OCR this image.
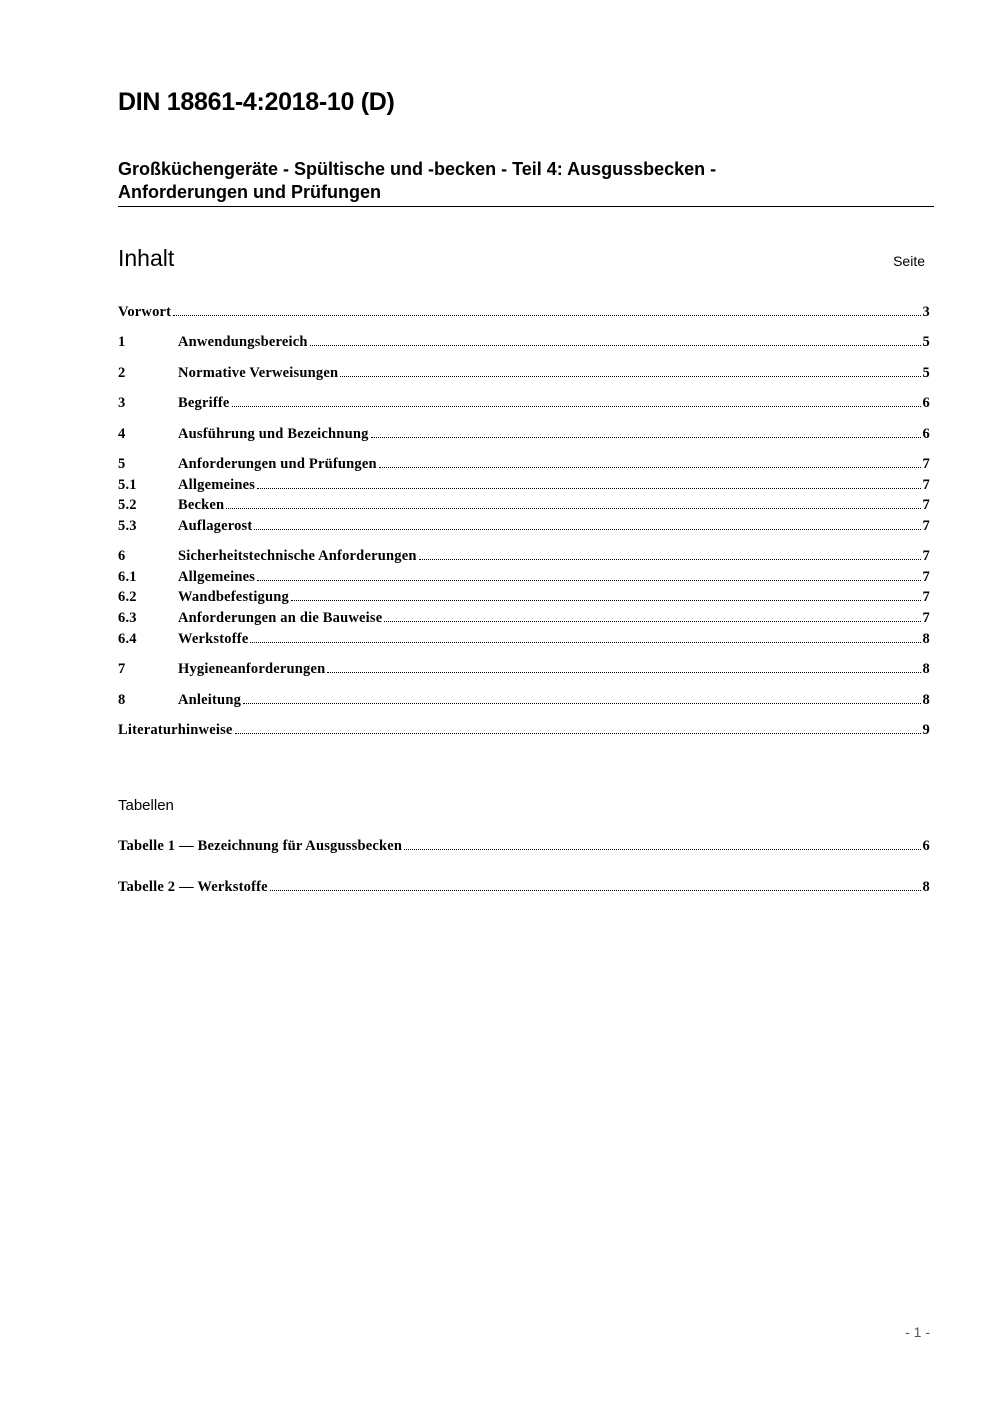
DIN 18861-4:2018-10 (D)
Großküchengeräte - Spültische und -becken - Teil 4: Ausgussbecken -
Anforderungen und Prüfungen
Inhalt	Seite
Vorwort	3
1	Anwendungsbereich	5
2	Normative Verweisungen	5
3	Begriffe	6
4	Ausführung und Bezeichnung	6
5	Anforderungen und Prüfungen	7
5.1	Allgemeines	7
5.2	Becken	7
5.3	Auflagerost	7
6	Sicherheitstechnische Anforderungen	7
6.1	Allgemeines	7
6.2	Wandbefestigung	7
6.3	Anforderungen an die Bauweise	7
6.4	Werkstoffe	8
7	Hygieneanforderungen	8
8	Anleitung	8
Literaturhinweise	9
Tabellen
Tabelle 1 — Bezeichnung für Ausgussbecken	6
Tabelle 2 — Werkstoffe	8
- 1 -
